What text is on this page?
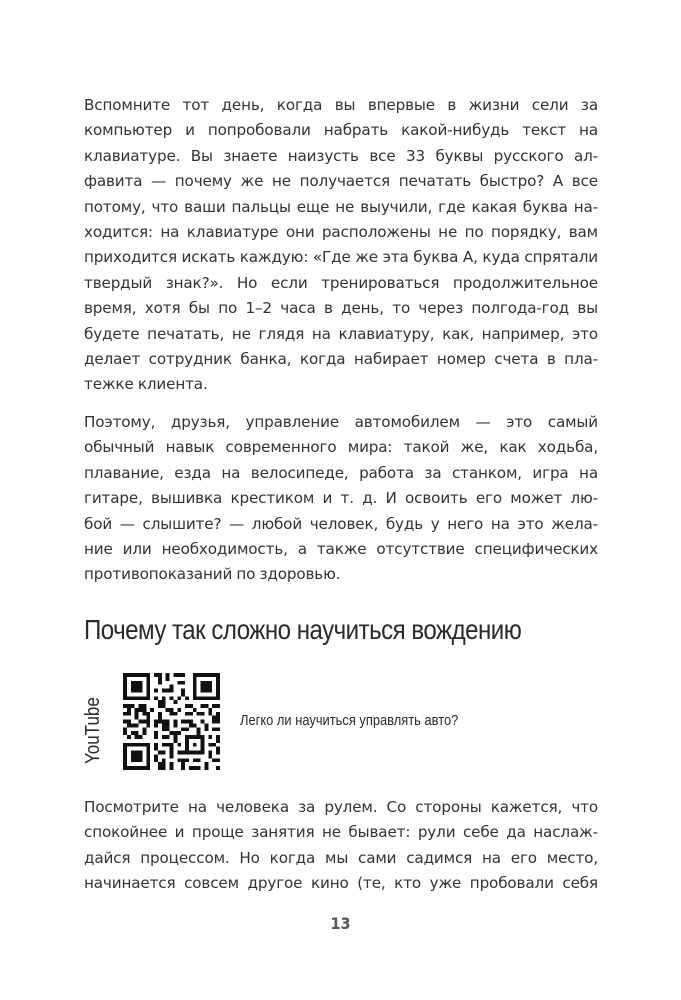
Вспомните тот день, когда вы впервые в жизни сели за
компьютер и попробовали набрать какой-нибудь текст на
клавиатуре. Вы знаете наизусть все 33 буквы русского ал-
фавита — почему же не получается печатать быстро? А все
потому, что ваши пальцы еще не выучили, где какая буква на-
ходится: на клавиатуре они расположены не по порядку, вам
приходится искать каждую: «Где же эта буква А, куда спрятали
твердый знак?». Но если тренироваться продолжительное
время, хотя бы по 1–2 часа в день, то через полгода-год вы
будете печатать, не глядя на клавиатуру, как, например, это
делает сотрудник банка, когда набирает номер счета в пла-
тежке клиента.
Поэтому, друзья, управление автомобилем — это самый
обычный навык современного мира: такой же, как ходьба,
плавание, езда на велосипеде, работа за станком, игра на
гитаре, вышивка крестиком и т. д. И освоить его может лю-
бой — слышите? — любой человек, будь у него на это жела-
ние или необходимость, а также отсутствие специфических
противопоказаний по здоровью.
Почему так сложно научиться вождению
YouTube	Легко ли научиться управлять авто?
Посмотрите на человека за рулем. Со стороны кажется, что
спокойнее и проще занятия не бывает: рули себе да наслаж-
дайся процессом. Но когда мы сами садимся на его место,
начинается совсем другое кино (те, кто уже пробовали себя
13
